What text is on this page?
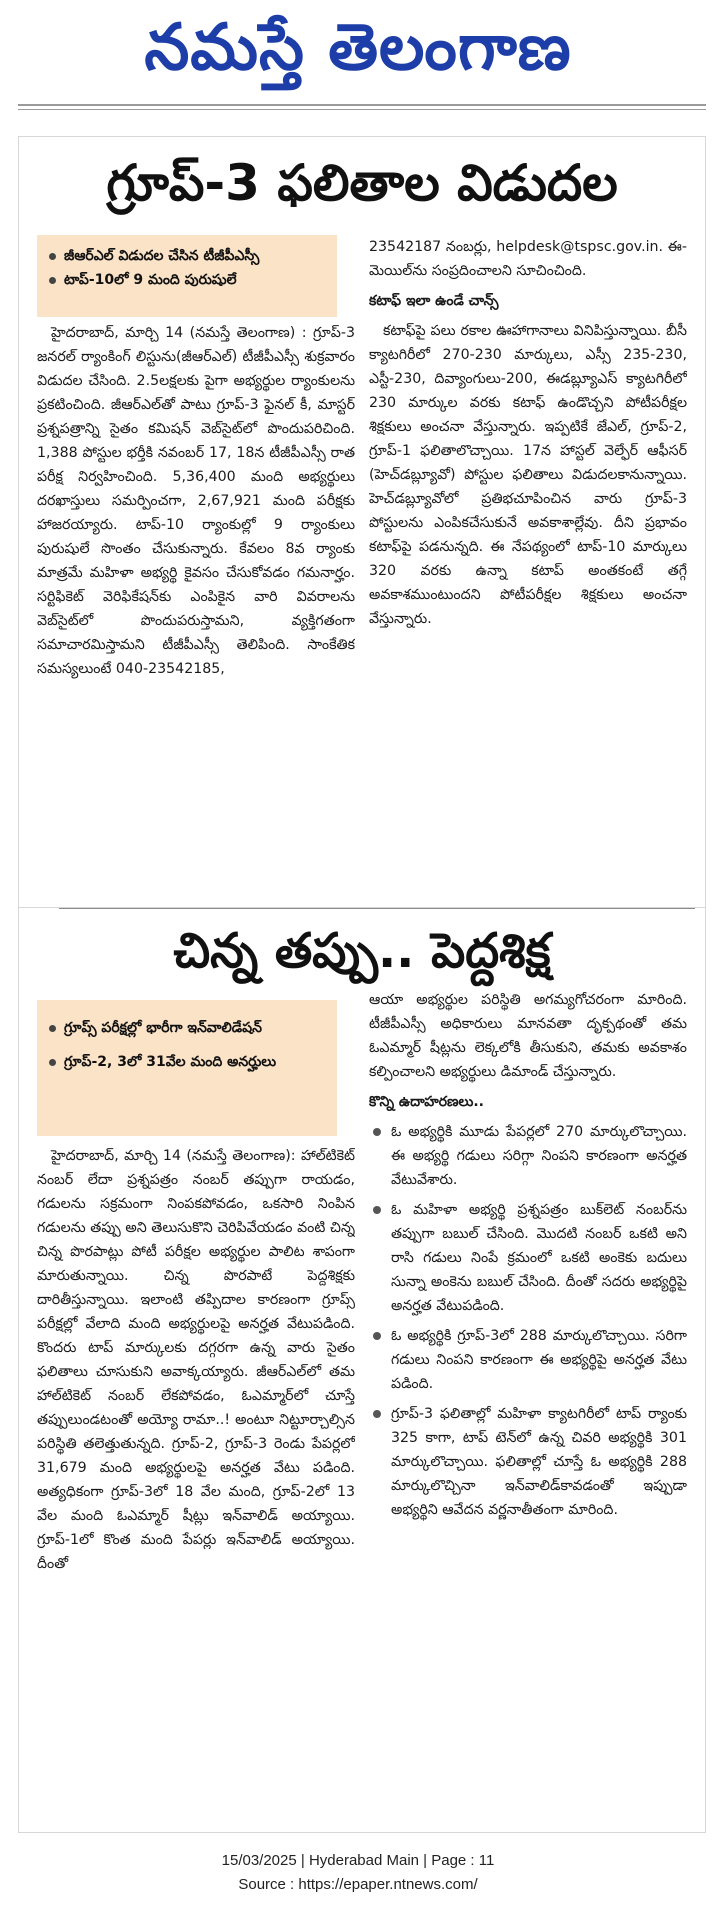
నమస్తే తెలంగాణ
గ్రూప్-3 ఫలితాల విడుదల
జీఆర్‌ఎల్ విడుదల చేసిన టీజీపీఎస్సీ
టాప్-10లో 9 మంది పురుషులే

హైదరాబాద్, మార్చి 14 (నమస్తే తెలంగాణ) : గ్రూప్-3 జనరల్ ర్యాంకింగ్ లిస్టును(జీఆర్‌ఎల్) టీజీపీఎస్సీ శుక్రవారం విడుదల చేసింది. 2.5లక్షలకు పైగా అభ్యర్థుల ర్యాంకులను ప్రకటించింది. జీఆర్‌ఎల్‌తో పాటు గ్రూప్-3 ఫైనల్ కీ, మాస్టర్ ప్రశ్నపత్రాన్ని సైతం కమిషన్ వెబ్‌సైట్‌లో పొందుపరిచింది. 1,388 పోస్టుల భర్తీకి నవంబర్ 17, 18న టీజీపీఎస్సీ రాత పరీక్ష నిర్వహించింది. 5,36,400 మంది అభ్యర్థులు దరఖాస్తులు సమర్పించగా, 2,67,921 మంది పరీక్షకు హాజరయ్యారు. టాప్-10 ర్యాంకుల్లో 9 ర్యాంకులు పురుషులే సొంతం చేసుకున్నారు. కేవలం 8వ ర్యాంకు మాత్రమే మహిళా అభ్యర్థి కైవసం చేసుకోవడం గమనార్హం. సర్టిఫికెట్ వెరిఫికేషన్‌కు ఎంపికైన వారి వివరాలను వెబ్‌సైట్‌లో పొందుపరుస్తామని, వ్యక్తిగతంగా సమాచారమిస్తామని టీజీపీఎస్సీ తెలిపింది. సాంకేతిక సమస్యలుంటే 040-23542185,

23542187 నంబర్లు, helpdesk@tspsc.gov.in. ఈ-మెయిల్‌ను సంప్రదించాలని సూచించింది.

కటాఫ్ ఇలా ఉండే చాన్స్

కటాఫ్‌పై పలు రకాల ఊహాగానాలు వినిపిస్తున్నాయి. బీసీ క్యాటగిరీలో 270-230 మార్కులు, ఎస్సీ 235-230, ఎస్టీ-230, దివ్యాంగులు-200, ఈడబ్ల్యూఎస్ క్యాటగిరీలో 230 మార్కుల వరకు కటాఫ్ ఉండొచ్చని పోటీపరీక్షల శిక్షకులు అంచనా వేస్తున్నారు. ఇప్పటికే జేఎల్, గ్రూప్-2, గ్రూప్-1 ఫలితాలొచ్చాయి. 17న హాస్టల్ వెల్ఫేర్ ఆఫీసర్ (హెచ్‌డబ్ల్యూవో) పోస్టుల ఫలితాలు విడుదలకానున్నాయి. హెచ్‌డబ్ల్యూవోలో ప్రతిభచూపించిన వారు గ్రూప్-3 పోస్టులను ఎంపికచేసుకునే అవకాశాల్లేవు. దీని ప్రభావం కటాఫ్‌పై పడనున్నది. ఈ నేపథ్యంలో టాప్-10 మార్కులు 320 వరకు ఉన్నా కటాప్ అంతకంటే తగ్గే అవకాశముంటుందని పోటీపరీక్షల శిక్షకులు అంచనా వేస్తున్నారు.

చిన్న తప్పు.. పెద్దశిక్ష
గ్రూప్స్ పరీక్షల్లో భారీగా ఇన్‌వాలిడేషన్
గ్రూప్-2, 3లో 31వేల మంది అనర్హులు

హైదరాబాద్, మార్చి 14 (నమస్తే తెలంగాణ): హాల్‌టికెట్ నంబర్ లేదా ప్రశ్నపత్రం నంబర్ తప్పుగా రాయడం, గడులను సక్రమంగా నింపకపోవడం, ఒకసారి నింపిన గడులను తప్పు అని తెలుసుకొని చెరిపివేయడం వంటి చిన్న చిన్న పొరపాట్లు పోటీ పరీక్షల అభ్యర్థుల పాలిట శాపంగా మారుతున్నాయి. చిన్న పొరపాటే పెద్దశిక్షకు దారితీస్తున్నాయి. ఇలాంటి తప్పిదాల కారణంగా గ్రూప్స్ పరీక్షల్లో వేలాది మంది అభ్యర్థులపై అనర్హత వేటుపడింది. కొందరు టాప్ మార్కులకు దగ్గరగా ఉన్న వారు సైతం ఫలితాలు చూసుకుని అవాక్కయ్యారు. జీఆర్‌ఎల్‌లో తమ హాల్‌టికెట్ నంబర్ లేకపోవడం, ఓఎమ్మార్‌లో చూస్తే తప్పులుండటంతో అయ్యో రామా..! అంటూ నిట్టూర్చాల్సిన పరిస్థితి తలెత్తుతున్నది. గ్రూప్-2, గ్రూప్-3 రెండు పేపర్లలో 31,679 మంది అభ్యర్థులపై అనర్హత వేటు పడింది. అత్యధికంగా గ్రూప్-3లో 18 వేల మంది, గ్రూప్-2లో 13 వేల మంది ఓఎమ్మార్ షీట్లు ఇన్‌వాలిడ్ అయ్యాయి. గ్రూప్-1లో కొంత మంది పేపర్లు ఇన్‌వాలిడ్ అయ్యాయి. దీంతో

ఆయా అభ్యర్థుల పరిస్థితి అగమ్యగోచరంగా మారింది. టీజీపీఎస్సీ అధికారులు మానవతా దృక్పథంతో తమ ఓఎమ్మార్ షీట్లను లెక్కలోకి తీసుకుని, తమకు అవకాశం కల్పించాలని అభ్యర్థులు డిమాండ్ చేస్తున్నారు.

కొన్ని ఉదాహరణలు..
ఓ అభ్యర్థికి మూడు పేపర్లలో 270 మార్కులొచ్చాయి. ఈ అభ్యర్థి గడులు సరిగ్గా నింపని కారణంగా అనర్హత వేటువేశారు.
ఓ మహిళా అభ్యర్థి ప్రశ్నపత్రం బుక్‌లెట్ నంబర్‌ను తప్పుగా బబుల్ చేసింది. మొదటి నంబర్ ఒకటి అని రాసి గడులు నింపే క్రమంలో ఒకటి అంకెకు బదులు సున్నా అంకెను బబుల్ చేసింది. దీంతో సదరు అభ్యర్థిపై అనర్హత వేటుపడింది.
ఓ అభ్యర్థికి గ్రూప్-3లో 288 మార్కులొచ్చాయి. సరిగా గడులు నింపని కారణంగా ఈ అభ్యర్థిపై అనర్హత వేటు పడింది.
గ్రూప్-3 ఫలితాల్లో మహిళా క్యాటగిరీలో టాప్ ర్యాంకు 325 కాగా, టాప్ టెన్‌లో ఉన్న చివరి అభ్యర్థికి 301 మార్కులొచ్చాయి. ఫలితాల్లో చూస్తే ఓ అభ్యర్థికి 288 మార్కులొచ్చినా ఇన్‌వాలిడ్‌కావడంతో ఇప్పుడా అభ్యర్థిని ఆవేదన వర్ణనాతీతంగా మారింది.
15/03/2025 | Hyderabad Main | Page : 11
Source : https://epaper.ntnews.com/
